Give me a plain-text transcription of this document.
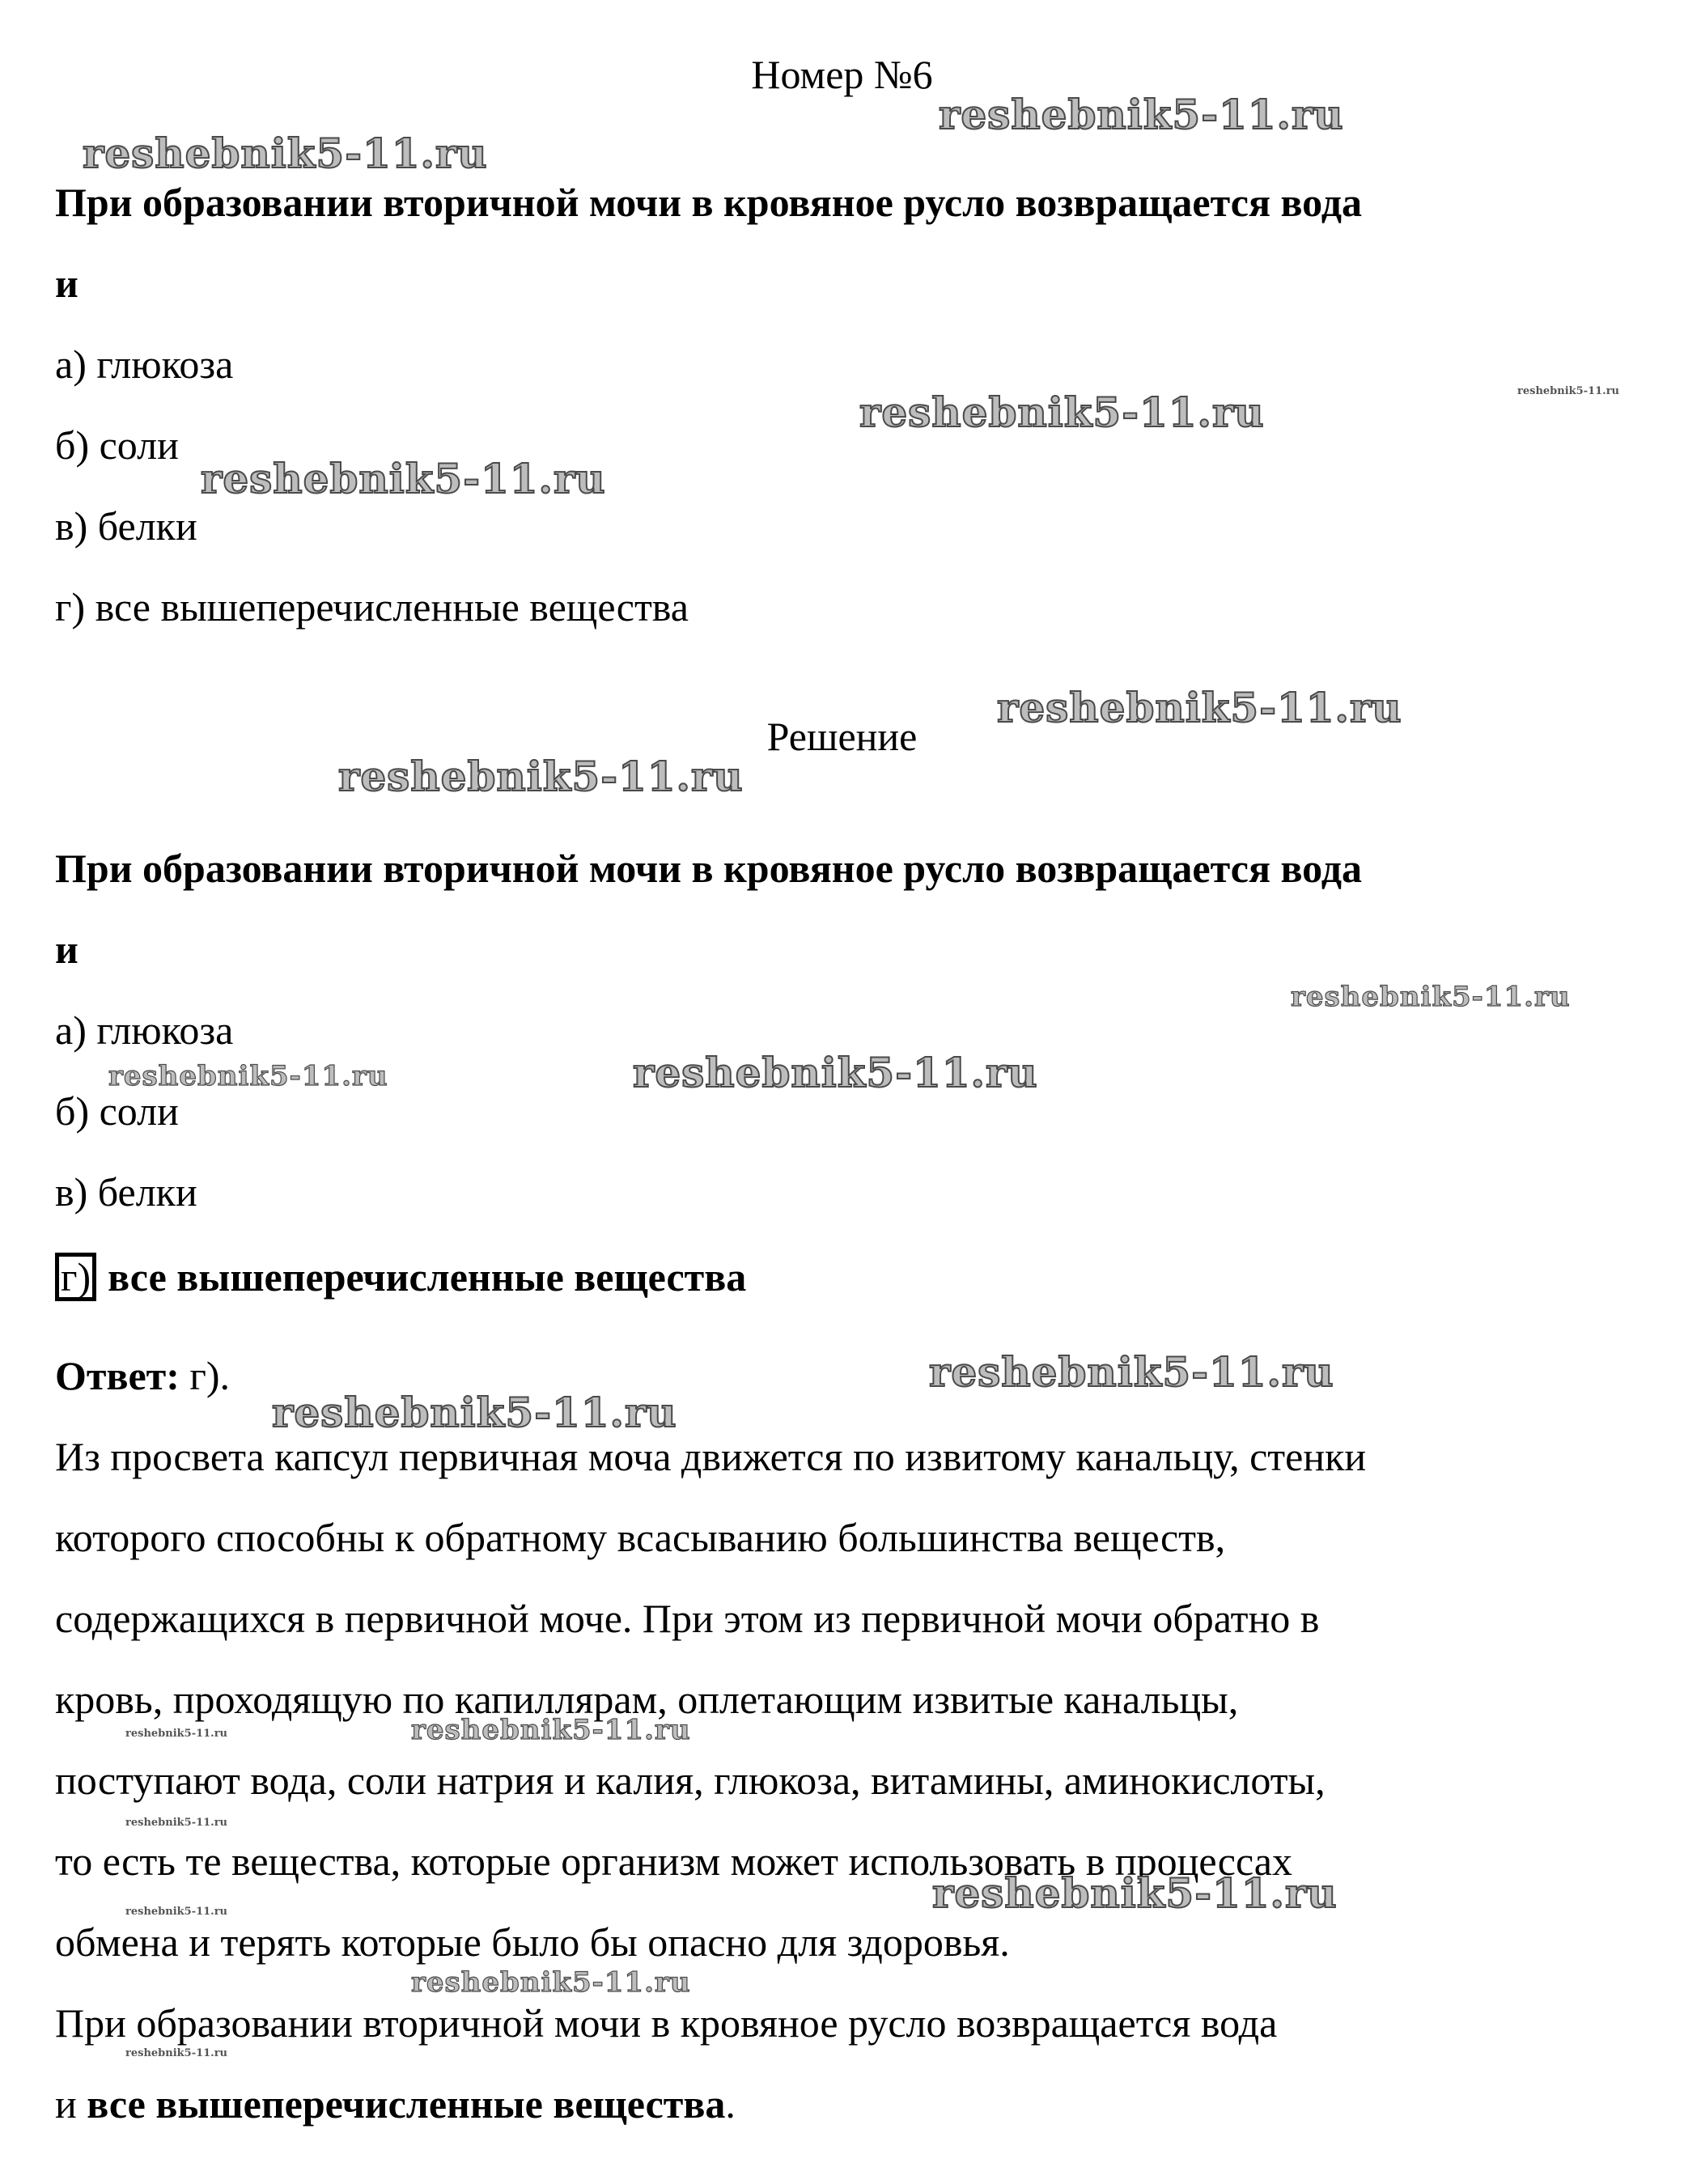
Номер №6
При образовании вторичной мочи в кровяное русло возвращается вода
и
а) глюкоза
б) соли
в) белки
г) все вышеперечисленные вещества
Решение
При образовании вторичной мочи в кровяное русло возвращается вода
и
а) глюкоза
б) соли
в) белки
г) все вышеперечисленные вещества
Ответ: г).
Из просвета капсул первичная моча движется по извитому канальцу, стенки
которого способны к обратному всасыванию большинства веществ,
содержащихся в первичной моче. При этом из первичной мочи обратно в
кровь, проходящую по капиллярам, оплетающим извитые канальцы,
поступают вода, соли натрия и калия, глюкоза, витамины, аминокислоты,
то есть те вещества, которые организм может использовать в процессах
обмена и терять которые было бы опасно для здоровья.
При образовании вторичной мочи в кровяное русло возвращается вода
и все вышеперечисленные вещества.
reshebnik5-11.ru
reshebnik5-11.ru
reshebnik5-11.ru
reshebnik5-11.ru
reshebnik5-11.ru
reshebnik5-11.ru
reshebnik5-11.ru
reshebnik5-11.ru
reshebnik5-11.ru	reshebnik5-11.ru
reshebnik5-11.ru
reshebnik5-11.ru
reshebnik5-11.ru	reshebnik5-11.ru
reshebnik5-11.ru
reshebnik5-11.ru
reshebnik5-11.ru
reshebnik5-11.ru
reshebnik5-11.ru
